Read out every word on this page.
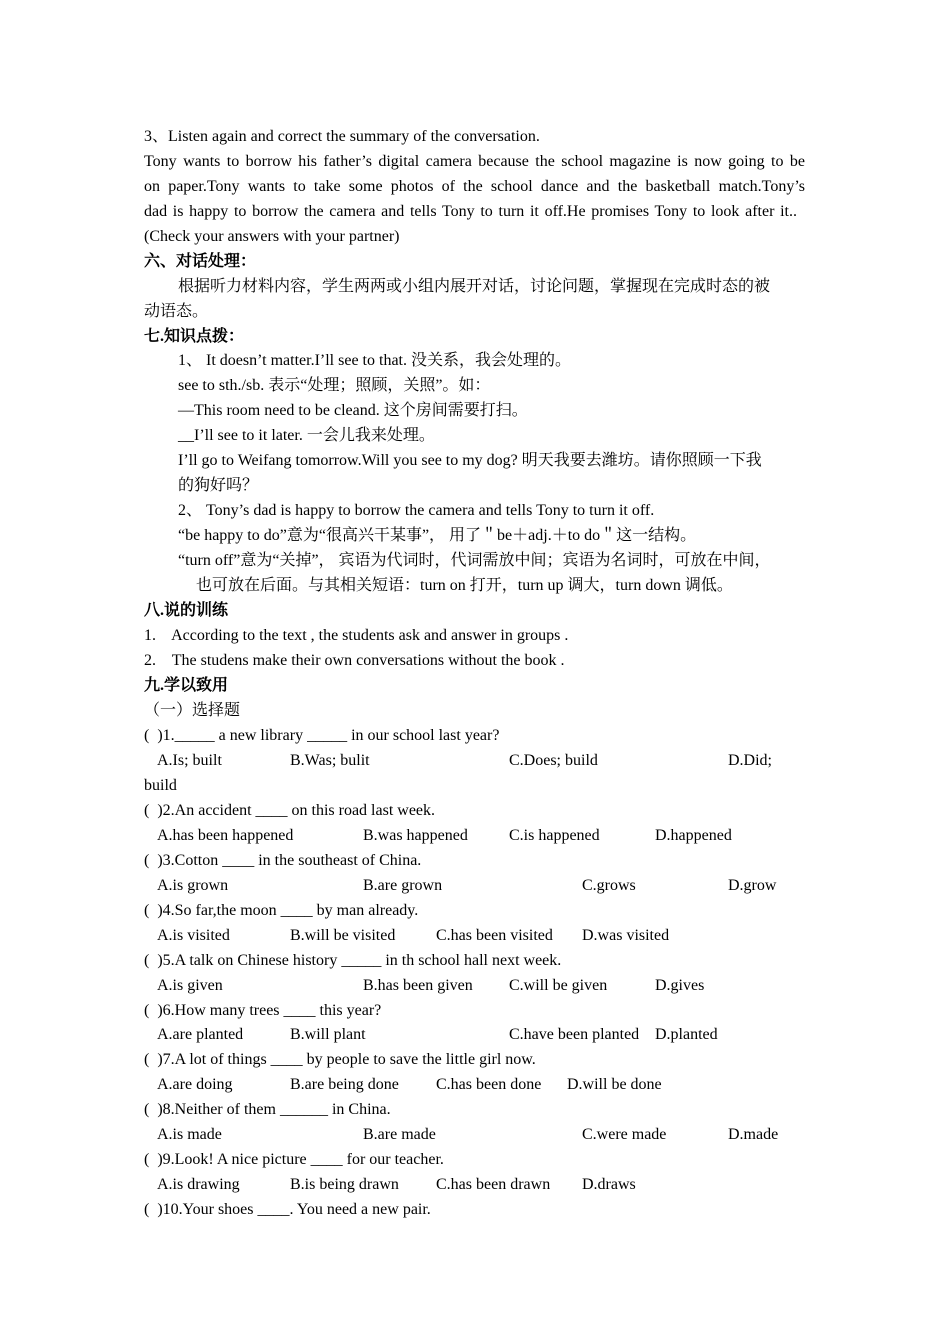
3、Listen again and correct the summary of the conversation.
Tony wants to borrow his father’s digital camera because the school magazine is now going to be
on paper.Tony wants to take some photos of the school dance and the basketball match.Tony’s
dad is happy to borrow the camera and tells Tony to turn it off.He promises Tony to look after it..
(Check your answers with your partner)
六、对话处理：
根据听力材料内容，学生两两或小组内展开对话，讨论问题，掌握现在完成时态的被
动语态。
七.知识点拨：
1、 It doesn’t matter.I’ll see to that. 没关系，我会处理的。
see to sth./sb. 表示“处理；照顾，关照”。如：
—This room need to be cleand. 这个房间需要打扫。
__I’ll see to it later. 一会儿我来处理。
I’ll go to Weifang tomorrow.Will you see to my dog? 明天我要去潍坊。请你照顾一下我
的狗好吗？
2、 Tony’s dad is happy to borrow the camera and tells Tony to turn it off.
“be happy to do”意为“很高兴干某事”， 用了＂be＋adj.＋to do＂这一结构。
“turn off”意为“关掉”， 宾语为代词时，代词需放中间；宾语为名词时，可放在中间，
也可放在后面。与其相关短语：turn on 打开，turn up 调大，turn down 调低。
八.说的训练
1.    According to the text , the students ask and answer in groups .
2.    The studens make their own conversations without the book .
九.学以致用
（一）选择题
(  )1._____ a new library _____ in our school last year?
A.Is; built	B.Was; bulit	C.Does; build	D.Did;
build
(  )2.An accident ____ on this road last week.
A.has been happened	B.was happened	C.is happened	D.happened
(  )3.Cotton ____ in the southeast of China.
A.is grown	B.are grown	C.grows	D.grow
(  )4.So far,the moon ____ by man already.
A.is visited	B.will be visited	C.has been visited D.was visited
(  )5.A talk on Chinese history _____ in th school hall next week.
A.is given	B.has been given C.will be given	D.gives
(  )6.How many trees ____ this year?
A.are planted	B.will plant	C.have been planted D.planted
(  )7.A lot of things ____ by people to save the little girl now.
A.are doing	B.are being done C.has been done D.will be done
(  )8.Neither of them ______ in China.
A.is made	B.are made	C.were made	D.made
(  )9.Look! A nice picture ____ for our teacher.
A.is drawing	B.is being drawn C.has been drawn D.draws
(  )10.Your shoes ____. You need a new pair.
